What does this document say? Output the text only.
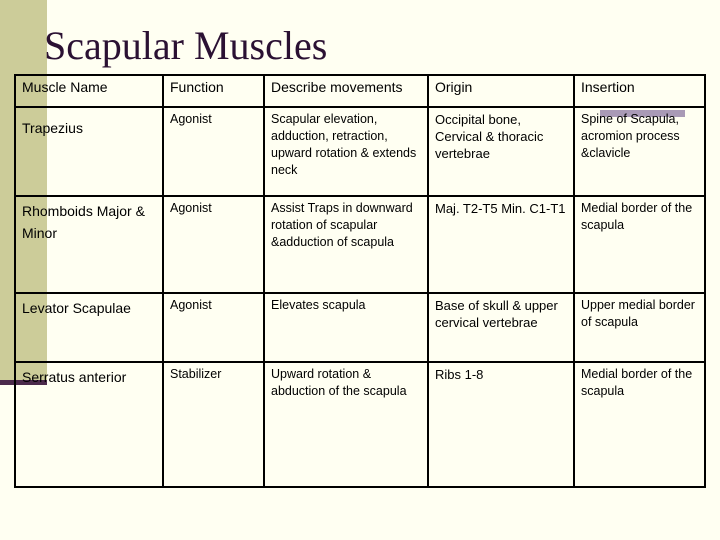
Scapular Muscles
Muscle Name	Function	Describe movements	Origin	Insertion
Trapezius	Agonist	Scapular elevation, adduction, retraction, upward rotation & extends neck	Occipital bone, Cervical & thoracic vertebrae	Spine of Scapula, acromion process &clavicle
Rhomboids Major & Minor	Agonist	Assist Traps in downward rotation of scapular &adduction of scapula	Maj. T2-T5 Min. C1-T1	Medial border of the scapula
Levator Scapulae	Agonist	Elevates scapula	Base of skull & upper cervical vertebrae	Upper medial border of scapula
Serratus anterior	Stabilizer	Upward rotation & abduction of the scapula	Ribs 1-8	Medial border of the scapula
